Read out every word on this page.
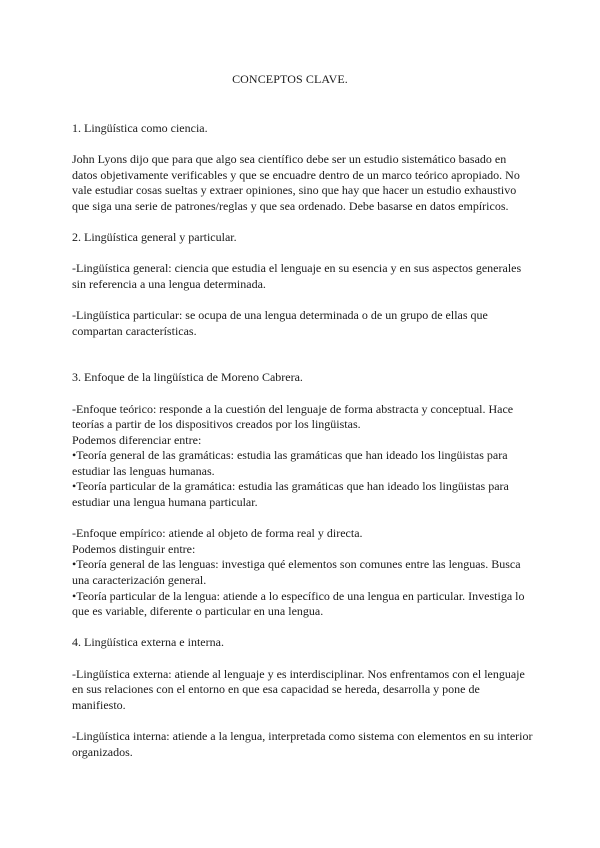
CONCEPTOS CLAVE.

1. Lingüística como ciencia.

John Lyons dijo que para que algo sea científico debe ser un estudio sistemático basado en datos objetivamente verificables y que se encuadre dentro de un marco teórico apropiado. No vale estudiar cosas sueltas y extraer opiniones, sino que hay que hacer un estudio exhaustivo que siga una serie de patrones/reglas y que sea ordenado. Debe basarse en datos empíricos.

2. Lingüística general y particular.

-Lingüística general: ciencia que estudia el lenguaje en su esencia y en sus aspectos generales sin referencia a una lengua determinada.

-Lingüística particular: se ocupa de una lengua determinada o de un grupo de ellas que compartan características.

3. Enfoque de la lingüística de Moreno Cabrera.

-Enfoque teórico: responde a la cuestión del lenguaje de forma abstracta y conceptual. Hace teorías a partir de los dispositivos creados por los lingüistas.

Podemos diferenciar entre:

•Teoría general de las gramáticas: estudia las gramáticas que han ideado los lingüistas para estudiar las lenguas humanas.

•Teoría particular de la gramática: estudia las gramáticas que han ideado los lingüistas para estudiar una lengua humana particular.

-Enfoque empírico: atiende al objeto de forma real y directa.

Podemos distinguir entre:

•Teoría general de las lenguas: investiga qué elementos son comunes entre las lenguas. Busca una caracterización general.

•Teoría particular de la lengua: atiende a lo específico de una lengua en particular. Investiga lo que es variable, diferente o particular en una lengua.

4. Lingüística externa e interna.

-Lingüística externa: atiende al lenguaje y es interdisciplinar. Nos enfrentamos con el lenguaje en sus relaciones con el entorno en que esa capacidad se hereda, desarrolla y pone de manifiesto.

-Lingüística interna: atiende a la lengua, interpretada como sistema con elementos en su interior organizados.
